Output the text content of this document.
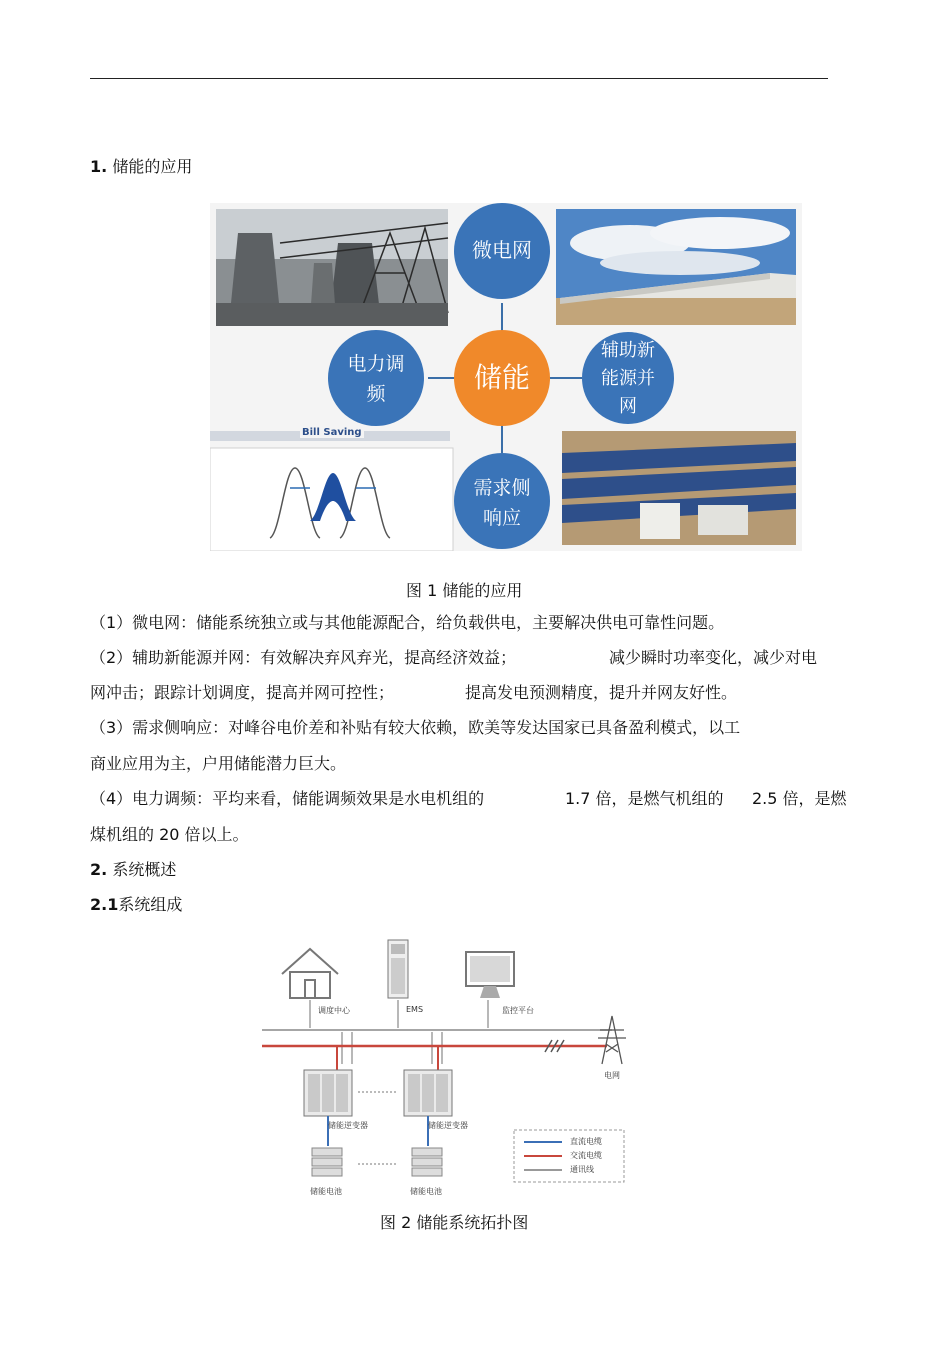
1. 储能的应用
微电网
储能
电力调
频
辅助新
能源并
网
需求侧
响应
Bill Saving
图 1 储能的应用
（1）微电网：储能系统独立或与其他能源配合，给负载供电，主要解决供电可靠性问题。
（2）辅助新能源并网：有效解决弃风弃光，提高经济效益；	减少瞬时功率变化，减少对电
网冲击；跟踪计划调度，提高并网可控性；	提高发电预测精度，提升并网友好性。
（3）需求侧响应：对峰谷电价差和补贴有较大依赖，欧美等发达国家已具备盈利模式，以工
商业应用为主，户用储能潜力巨大。
（4）电力调频：平均来看，储能调频效果是水电机组的	1.7 倍，是燃气机组的 2.5 倍，是燃
煤机组的 20 倍以上。
2. 系统概述
2.1系统组成
调度中心	EMS	监控平台
电网
储能逆变器	储能逆变器
储能电池	储能电池
直流电缆
交流电缆
通讯线
图 2 储能系统拓扑图
